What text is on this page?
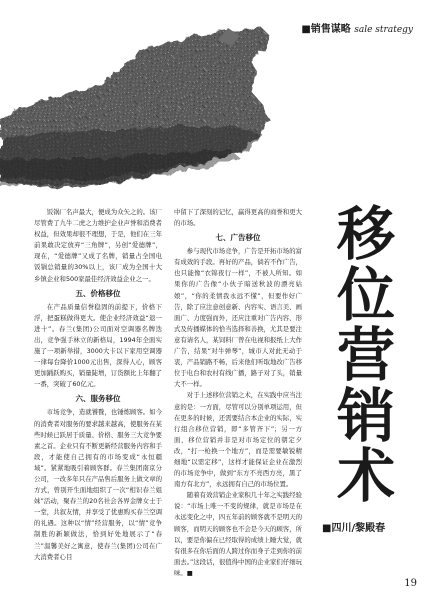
■销售谋略 sale strategy

饭锅厂名声最大，便成为众矢之的。该厂尽管费了九牛二虎之力维护企业声誉和消费者权益，但效果却很不理想，于是，他们在三年前果敢决定放弃“三角牌”，另创“爱德牌”，现在，“爱德牌”又成了名牌，销量占全国电饭锅总销量的30%以上，该厂成为全国十大乡镇企业和500家最佳经济效益企业之一。

五、价格移位

在产品质量信誉稳固的前提下，价格下浮，把蛋糕做得更大。使企业经济效益“退一进十”。春兰(集团)公司面对空调器名牌迭出，竞争强手林立的新格局，1994年全面实施了一项新举措，3000大卡以下家用空调器一律每台降价1000元出售，深得人心，顾客更加踊跃购买，销量陡增，订货额比上年翻了一番，突破了60亿元。

六、服务移位

市场竞争，造就饕餮，也锤炼顾客。如今的消费者对服务的要求越来越高，使服务在某些时候已跃居于质量、价格、服务三大竞争要素之首。企业只有不断更新经营服务内容和手段，才能使自己拥有的市场变成“永恒疆域”。紧紧地吸引着顾客群。春兰集团南京分公司，一改多年只在产品售后服务上做文章的方式，曾别开生面地组织了一次“相识春兰姐妹”活动，聚春兰的20名社会各界金牌女士于一堂，共叙友情，并享受了优惠购买春兰空调的礼遇。这种以“情”经营服务，以“情”竞争制胜的新颖做法，恰到好处地展示了“春兰”温馨美好之寓意，使春兰(集团)公司在广大消费者心目

中留下了深刻的记忆，赢得更高的商誉和更大的市场。

七、广告移位

参与现代市场竞争，广告是开拓市场的富有成效的手段。再好的产品，倘若不作广告，也只能像“衣锦夜行一样”，不被人所知。如果你的广告像“小伙子暗送秋波的漂亮姑娘”，“你的柔情我永远不懂”，但要作好广告，除了应注意创意新、内容实、语言美、画面广、力度强而外，还应注重对广告内容、形式及传播媒体的恰当选择和善换，尤其是要注意有请名人，某饲料厂曾在电视和报纸上大作广告，结果“对牛弹琴”，城市人对此无动于衷，产品销路不畅，后来他们听取地改广告移位于电台和农村有线广播，路子对了头，销量大不一样。

对于上述移位营销之术，在实践中应当注意的是：一方面，尽管可以分别单项运用，但在更多的时候，还需要结合本企业的实际，实行组合移位营销，即“多管齐下”；另一方面，移位营销并非是对市场定位的朝定夕改，“打一枪换一个地方”，而是需要敏锐精细地“以需定移”，这样才能保证企业在激烈的市场竞争中，做到“东方不亮西方亮，黑了南方有北方”，永远拥有自己的市场位置。

随着有效营销企业家积几十年之实践经验说：“市场上唯一不变的规律，就是市场是在永远变化之中，四五年前的顾客就不是明天的顾客，而明天的顾客也不会是今天的顾客，所以，要是你偏在已经取得的成绩上睡大觉，就有很多在你后面的人跨过你而身子走到你的前面去。”这段话，很值得中国的企业家们仔细玩味。■

移
位
营
销
术
■四川/黎殿春
19
